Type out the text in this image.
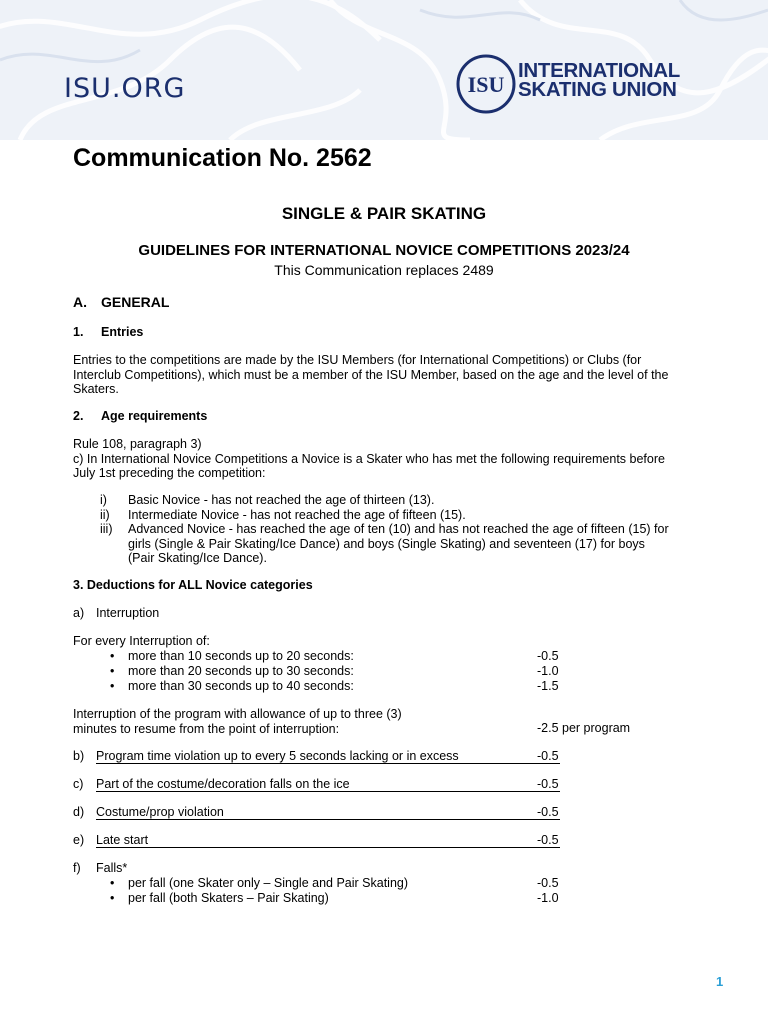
ISU.ORG	ISU
INTERNATIONAL
SKATING UNION
Communication No. 2562
SINGLE & PAIR SKATING
GUIDELINES FOR INTERNATIONAL NOVICE COMPETITIONS 2023/24
This Communication replaces 2489
A. GENERAL
1. Entries
Entries to the competitions are made by the ISU Members (for International Competitions) or Clubs (for
Interclub Competitions), which must be a member of the ISU Member, based on the age and the level of the
Skaters.
2. Age requirements
Rule 108, paragraph 3)
c) In International Novice Competitions a Novice is a Skater who has met the following requirements before
July 1st preceding the competition:
i) Basic Novice - has not reached the age of thirteen (13).
ii) Intermediate Novice - has not reached the age of fifteen (15).
iii) Advanced Novice - has reached the age of ten (10) and has not reached the age of fifteen (15) for
girls (Single & Pair Skating/Ice Dance) and boys (Single Skating) and seventeen (17) for boys
(Pair Skating/Ice Dance).
3. Deductions for ALL Novice categories
a) Interruption
For every Interruption of:
• more than 10 seconds up to 20 seconds:	-0.5
• more than 20 seconds up to 30 seconds:	-1.0
• more than 30 seconds up to 40 seconds:	-1.5
Interruption of the program with allowance of up to three (3)
minutes to resume from the point of interruption:	-2.5 per program
b) Program time violation up to every 5 seconds lacking or in excess	-0.5
c) Part of the costume/decoration falls on the ice	-0.5
d) Costume/prop violation	-0.5
e) Late start	-0.5
f) Falls*
• per fall (one Skater only – Single and Pair Skating)	-0.5
• per fall (both Skaters – Pair Skating)	-1.0
1
